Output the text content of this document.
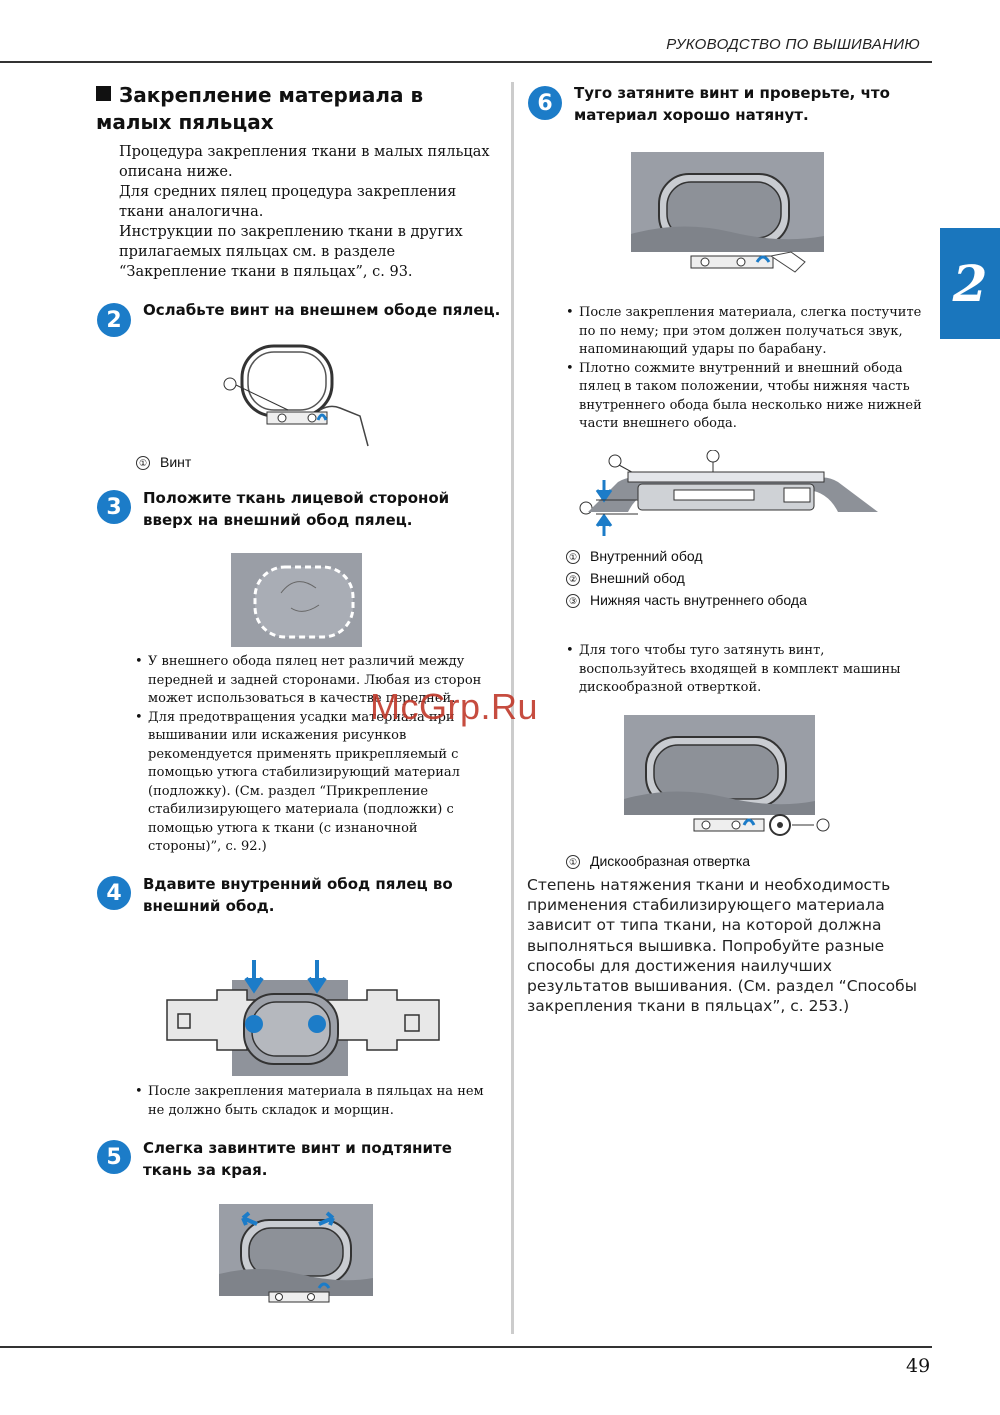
РУКОВОДСТВО ПО ВЫШИВАНИЮ
2
Закрепление материала в малых пяльцах
Процедура закрепления ткани в малых пяльцах описана ниже.
Для средних пялец процедура закрепления ткани аналогична.
Инструкции по закреплению ткани в других прилагаемых пяльцах см. в разделе “Закрепление ткани в пяльцах”, с. 93.
2	Ослабьте винт на внешнем ободе пялец.
① Винт
3	Положите ткань лицевой стороной вверх на внешний обод пялец.
• У внешнего обода пялец нет различий между передней и задней сторонами. Любая из сторон может использоваться в качестве передней.
• Для предотвращения усадки материала при вышивании или искажения рисунков рекомендуется применять прикрепляемый с помощью утюга стабилизирующий материал (подложку). (См. раздел “Прикрепление стабилизирующего материала (подложки) с помощью утюга к ткани (с изнаночной стороны)”, с. 92.)
4	Вдавите внутренний обод пялец во внешний обод.
• После закрепления материала в пяльцах на нем не должно быть складок и морщин.
5	Слегка завинтите винт и подтяните ткань за края.
6	Туго затяните винт и проверьте, что материал хорошо натянут.
• После закрепления материала, слегка постучите по по нему; при этом должен получаться звук, напоминающий удары по барабану.
• Плотно сожмите внутренний и внешний обода пялец в таком положении, чтобы нижняя часть внутреннего обода была несколько ниже нижней части внешнего обода.
① Внутренний обод
② Внешний обод
③ Нижняя часть внутреннего обода
• Для того чтобы туго затянуть винт, воспользуйтесь входящей в комплект машины дискообразной отверткой.
① Дискообразная отвертка
Степень натяжения ткани и необходимость применения стабилизирующего материала зависит от типа ткани, на которой должна выполняться вышивка. Попробуйте разные способы для достижения наилучших результатов вышивания. (См. раздел “Способы закрепления ткани в пяльцах”, с. 253.)
McGrp.Ru
49
